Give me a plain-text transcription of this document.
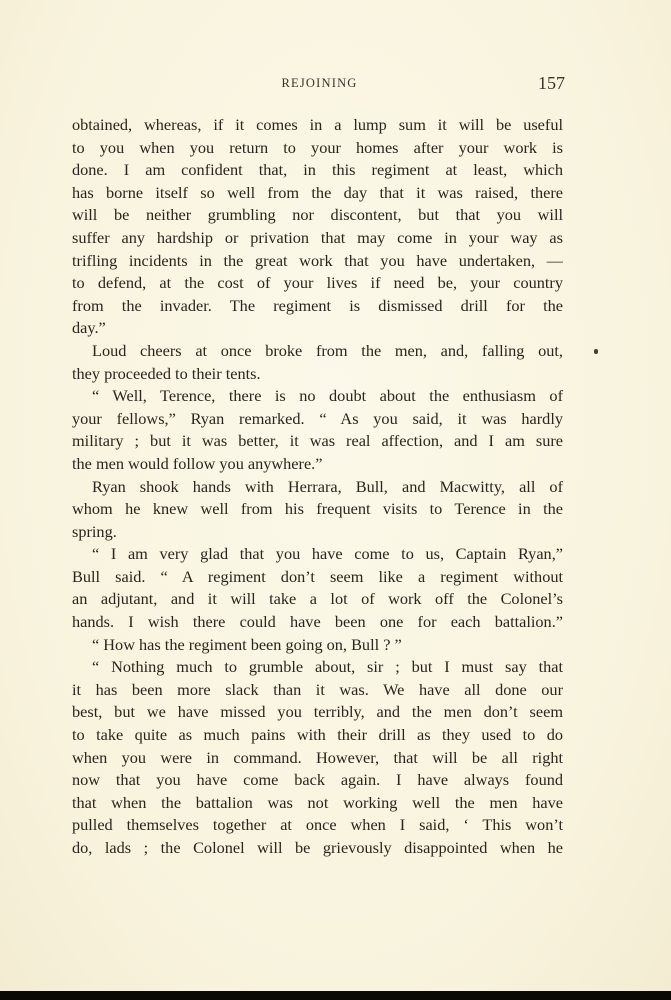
REJOINING	157
obtained, whereas, if it comes in a lump sum it will be useful
to you when you return to your homes after your work is
done. I am confident that, in this regiment at least, which
has borne itself so well from the day that it was raised, there
will be neither grumbling nor discontent, but that you will
suffer any hardship or privation that may come in your way as
trifling incidents in the great work that you have undertaken, —
to defend, at the cost of your lives if need be, your country
from the invader. The regiment is dismissed drill for the
day.”
Loud cheers at once broke from the men, and, falling out,
they proceeded to their tents.
“ Well, Terence, there is no doubt about the enthusiasm of
your fellows,” Ryan remarked. “ As you said, it was hardly
military ; but it was better, it was real affection, and I am sure
the men would follow you anywhere.”
Ryan shook hands with Herrara, Bull, and Macwitty, all of
whom he knew well from his frequent visits to Terence in the
spring.
“ I am very glad that you have come to us, Captain Ryan,”
Bull said. “ A regiment don’t seem like a regiment without
an adjutant, and it will take a lot of work off the Colonel’s
hands. I wish there could have been one for each battalion.”
“ How has the regiment been going on, Bull ? ”
“ Nothing much to grumble about, sir ; but I must say that
it has been more slack than it was. We have all done our
best, but we have missed you terribly, and the men don’t seem
to take quite as much pains with their drill as they used to do
when you were in command. However, that will be all right
now that you have come back again. I have always found
that when the battalion was not working well the men have
pulled themselves together at once when I said, ‘ This won’t
do, lads ; the Colonel will be grievously disappointed when he
